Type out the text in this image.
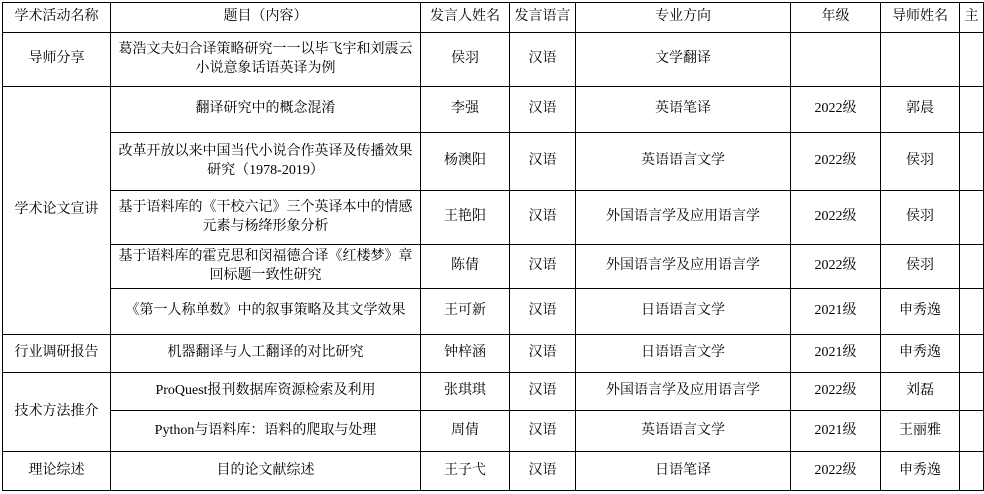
学术活动名称	题目（内容）	发言人姓名	发言语言	专业方向	年级	导师姓名	主
导师分享	葛浩文夫妇合译策略研究一一以毕飞宇和刘震云小说意象话语英译为例	侯羽	汉语	文学翻译			
学术论文宣讲	翻译研究中的概念混淆	李强	汉语	英语笔译	2022级	郭晨	
	改革开放以来中国当代小说合作英译及传播效果研究（1978-2019）	杨澳阳	汉语	英语语言文学	2022级	侯羽	
	基于语料库的《干校六记》三个英译本中的情感元素与杨绛形象分析	王艳阳	汉语	外国语言学及应用语言学	2022级	侯羽	
	基于语料库的霍克思和闵福德合译《红楼梦》章回标题一致性研究	陈倩	汉语	外国语言学及应用语言学	2022级	侯羽	
	《第一人称单数》中的叙事策略及其文学效果	王可新	汉语	日语语言文学	2021级	申秀逸	
行业调研报告	机器翻译与人工翻译的对比研究	钟梓涵	汉语	日语语言文学	2021级	申秀逸	
技术方法推介	ProQuest报刊数据库资源检索及利用	张琪琪	汉语	外国语言学及应用语言学	2022级	刘磊	
	Python与语料库：语料的爬取与处理	周倩	汉语	英语语言文学	2021级	王丽雅	
理论综述	目的论文献综述	王子弋	汉语	日语笔译	2022级	申秀逸	
